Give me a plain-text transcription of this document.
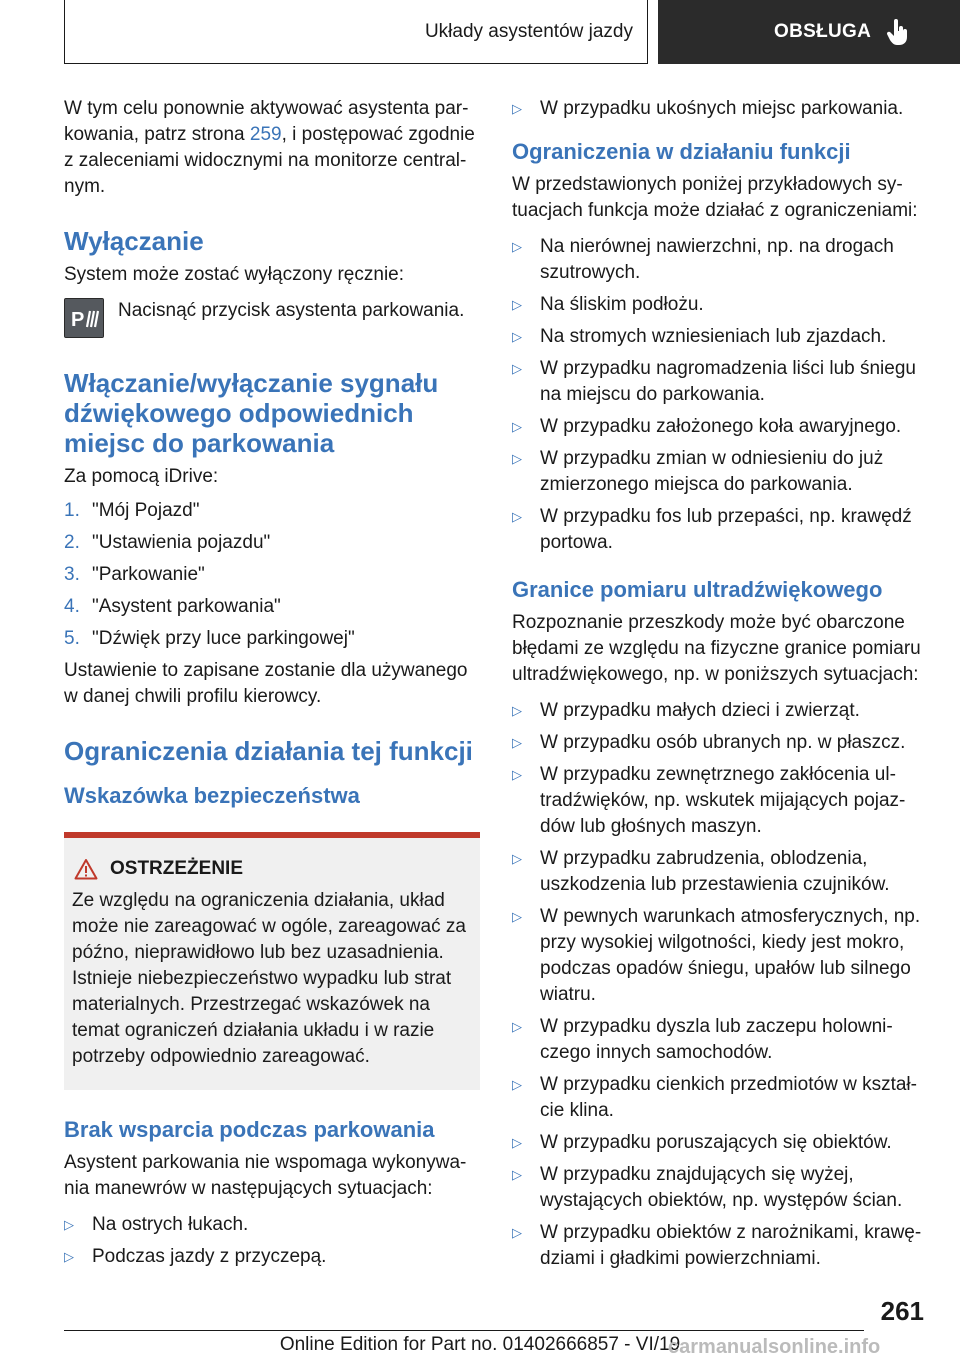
Układy asystentów jazdy	OBSŁUGA

W tym celu ponownie aktywować asystenta parkowania, patrz strona 259, i postępować zgodnie z zaleceniami widocznymi na monitorze centralnym.

Wyłączanie

System może zostać wyłączony ręcznie:

P Nacisnąć przycisk asystenta parkowania.
Włączanie/wyłączanie sygnału dźwiękowego odpowiednich miejsc do parkowania

Za pomocą iDrive:

1. "Mój Pojazd"
2. "Ustawienia pojazdu"
3. "Parkowanie"
4. "Asystent parkowania"
5. "Dźwięk przy luce parkingowej"

Ustawienie to zapisane zostanie dla używanego w danej chwili profilu kierowcy.

Ograniczenia działania tej funkcji
Wskazówka bezpieczeństwa
OSTRZEŻENIE

Ze względu na ograniczenia działania, układ może nie zareagować w ogóle, zareagować za późno, nieprawidłowo lub bez uzasadnienia. Istnieje niebezpieczeństwo wypadku lub strat materialnych. Przestrzegać wskazówek na temat ograniczeń działania układu i w razie potrzeby odpowiednio zareagować.

Brak wsparcia podczas parkowania

Asystent parkowania nie wspomaga wykonywania manewrów w następujących sytuacjach:

▷ Na ostrych łukach.
▷ Podczas jazdy z przyczepą.
▷ W przypadku ukośnych miejsc parkowania.
Ograniczenia w działaniu funkcji

W przedstawionych poniżej przykładowych sytuacjach funkcja może działać z ograniczeniami:

▷ Na nierównej nawierzchni, np. na drogach szutrowych.
▷ Na śliskim podłożu.
▷ Na stromych wzniesieniach lub zjazdach.
▷ W przypadku nagromadzenia liści lub śniegu na miejscu do parkowania.
▷ W przypadku założonego koła awaryjnego.
▷ W przypadku zmian w odniesieniu do już zmierzonego miejsca do parkowania.
▷ W przypadku fos lub przepaści, np. krawędź portowa.
Granice pomiaru ultradźwiękowego

Rozpoznanie przeszkody może być obarczone błędami ze względu na fizyczne granice pomiaru ultradźwiękowego, np. w poniższych sytuacjach:

▷ W przypadku małych dzieci i zwierząt.
▷ W przypadku osób ubranych np. w płaszcz.
▷ W przypadku zewnętrznego zakłócenia ultradźwięków, np. wskutek mijających pojazdów lub głośnych maszyn.
▷ W przypadku zabrudzenia, oblodzenia, uszkodzenia lub przestawienia czujników.
▷ W pewnych warunkach atmosferycznych, np. przy wysokiej wilgotności, kiedy jest mokro, podczas opadów śniegu, upałów lub silnego wiatru.
▷ W przypadku dyszla lub zaczepu holowniczego innych samochodów.
▷ W przypadku cienkich przedmiotów w kształcie klina.
▷ W przypadku poruszających się obiektów.
▷ W przypadku znajdujących się wyżej, wystających obiektów, np. występów ścian.
▷ W przypadku obiektów z narożnikami, krawędziami i gładkimi powierzchniami.
261
Online Edition for Part no. 01402666857 - VI/19
carmanualsonline.info
